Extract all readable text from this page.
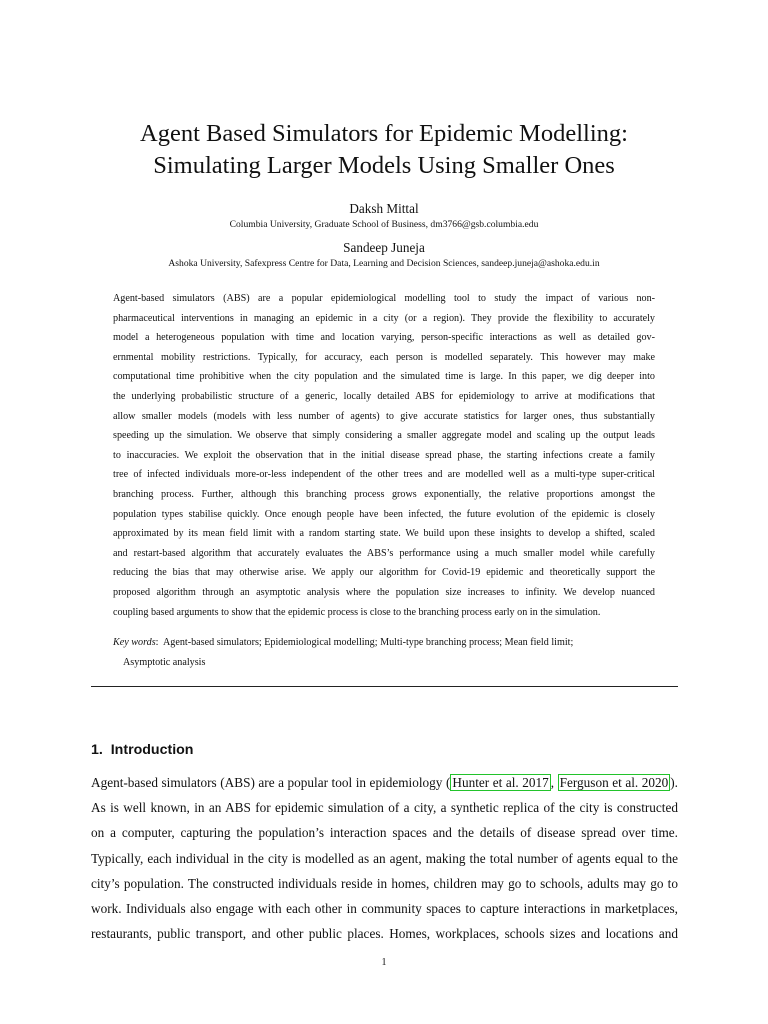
Agent Based Simulators for Epidemic Modelling:
Simulating Larger Models Using Smaller Ones
Daksh Mittal
Columbia University, Graduate School of Business, dm3766@gsb.columbia.edu
Sandeep Juneja
Ashoka University, Safexpress Centre for Data, Learning and Decision Sciences, sandeep.juneja@ashoka.edu.in
Agent-based simulators (ABS) are a popular epidemiological modelling tool to study the impact of various non-
pharmaceutical interventions in managing an epidemic in a city (or a region). They provide the flexibility to accurately
model a heterogeneous population with time and location varying, person-specific interactions as well as detailed gov-
ernmental mobility restrictions. Typically, for accuracy, each person is modelled separately. This however may make
computational time prohibitive when the city population and the simulated time is large. In this paper, we dig deeper into
the underlying probabilistic structure of a generic, locally detailed ABS for epidemiology to arrive at modifications that
allow smaller models (models with less number of agents) to give accurate statistics for larger ones, thus substantially
speeding up the simulation. We observe that simply considering a smaller aggregate model and scaling up the output leads
to inaccuracies. We exploit the observation that in the initial disease spread phase, the starting infections create a family
tree of infected individuals more-or-less independent of the other trees and are modelled well as a multi-type super-critical
branching process. Further, although this branching process grows exponentially, the relative proportions amongst the
population types stabilise quickly. Once enough people have been infected, the future evolution of the epidemic is closely
approximated by its mean field limit with a random starting state. We build upon these insights to develop a shifted, scaled
and restart-based algorithm that accurately evaluates the ABS’s performance using a much smaller model while carefully
reducing the bias that may otherwise arise. We apply our algorithm for Covid-19 epidemic and theoretically support the
proposed algorithm through an asymptotic analysis where the population size increases to infinity. We develop nuanced
coupling based arguments to show that the epidemic process is close to the branching process early on in the simulation.
Key words: Agent-based simulators; Epidemiological modelling; Multi-type branching process; Mean field limit;
Asymptotic analysis
1. Introduction
Agent-based simulators (ABS) are a popular tool in epidemiology ( Hunter et al. 2017 , Ferguson et al. 2020 ).
As is well known, in an ABS for epidemic simulation of a city, a synthetic replica of the city is constructed
on a computer, capturing the population’s interaction spaces and the details of disease spread over time.
Typically, each individual in the city is modelled as an agent, making the total number of agents equal to the
city’s population. The constructed individuals reside in homes, children may go to schools, adults may go to
work. Individuals also engage with each other in community spaces to capture interactions in marketplaces,
restaurants, public transport, and other public places. Homes, workplaces, schools sizes and locations and
1
